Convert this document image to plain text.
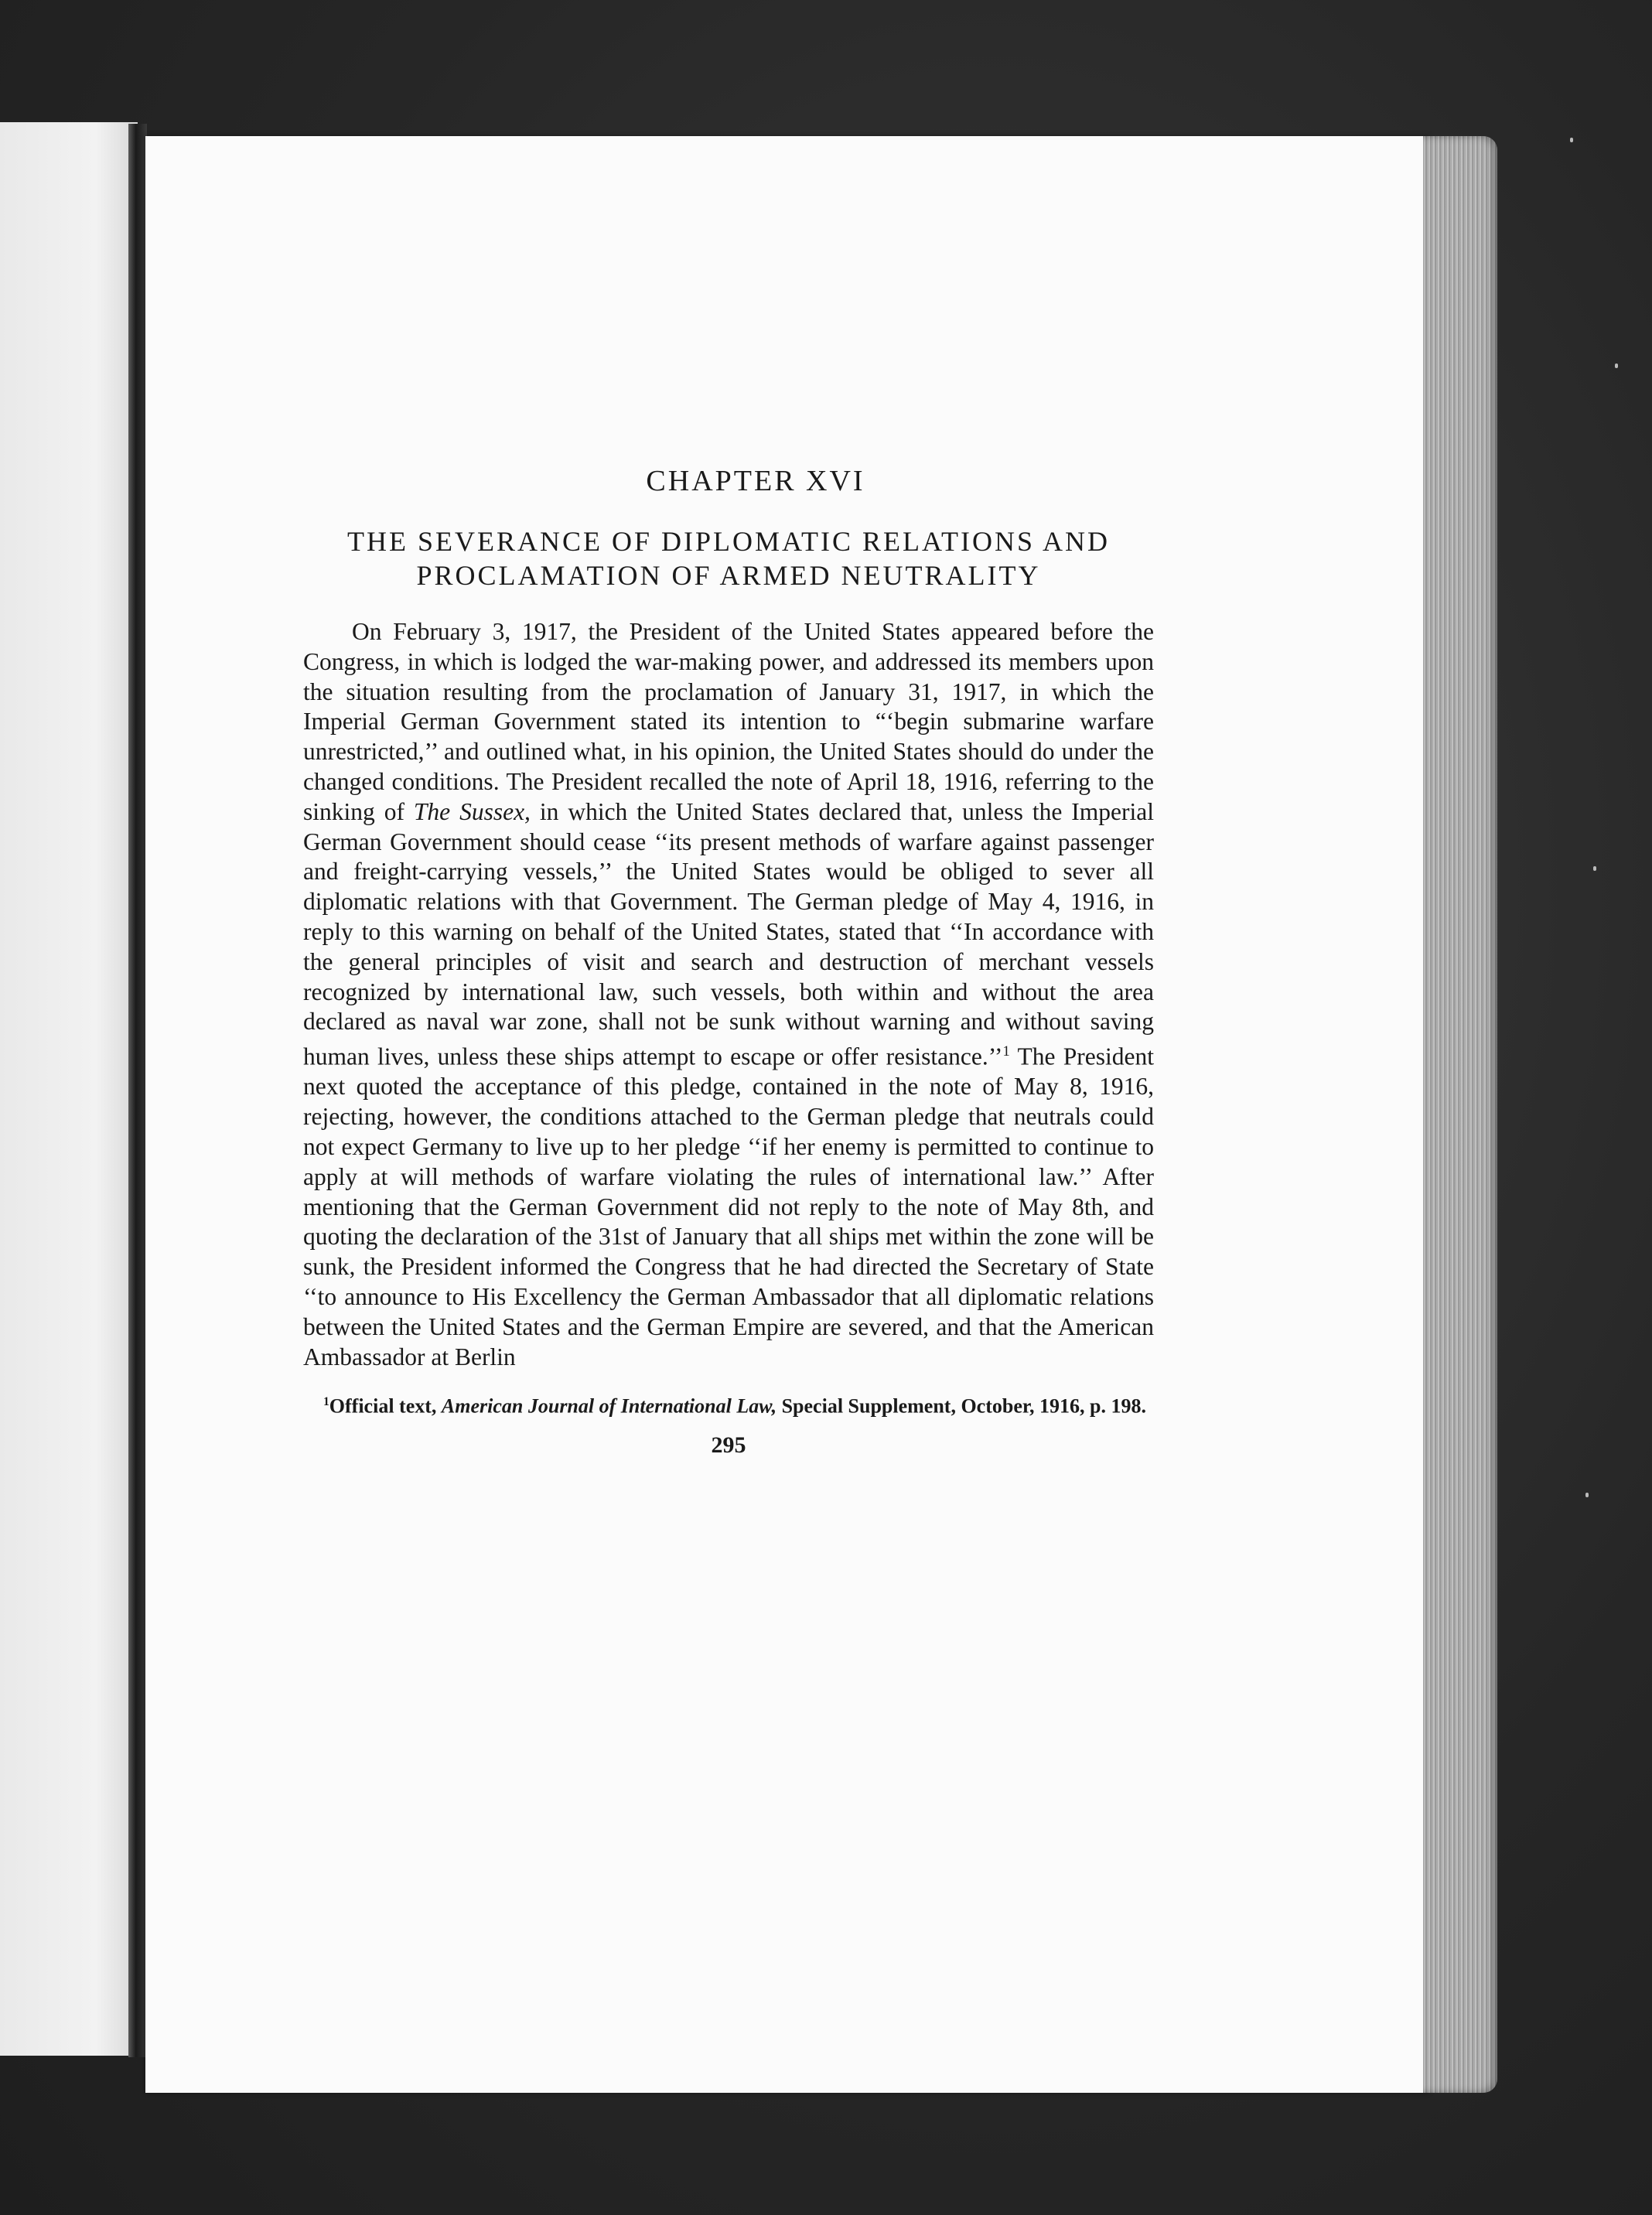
CHAPTER XVI
THE SEVERANCE OF DIPLOMATIC RELATIONS AND
PROCLAMATION OF ARMED NEUTRALITY

On February 3, 1917, the President of the United States appeared before the Congress, in which is lodged the war-making power, and addressed its members upon the situation resulting from the proclamation of January 31, 1917, in which the Imperial German Government stated its intention to “‘begin submarine warfare unrestricted,’’ and outlined what, in his opinion, the United States should do under the changed conditions. The President recalled the note of April 18, 1916, referring to the sinking of The Sussex, in which the United States declared that, unless the Imperial German Government should cease ‘‘its present methods of warfare against passenger and freight-carrying vessels,’’ the United States would be obliged to sever all diplomatic relations with that Government. The German pledge of May 4, 1916, in reply to this warning on behalf of the United States, stated that ‘‘In accordance with the general principles of visit and search and destruction of merchant vessels recognized by international law, such vessels, both within and without the area declared as naval war zone, shall not be sunk without warning and without saving human lives, unless these ships attempt to escape or offer resistance.’’$^1$ The President next quoted the acceptance of this pledge, contained in the note of May 8, 1916, rejecting, however, the conditions attached to the German pledge that neutrals could not expect Germany to live up to her pledge ‘‘if her enemy is permitted to continue to apply at will methods of warfare violating the rules of international law.’’ After mentioning that the German Government did not reply to the note of May 8th, and quoting the declaration of the 31st of January that all ships met within the zone will be sunk, the President informed the Congress that he had directed the Secretary of State ‘‘to announce to His Excellency the German Ambassador that all diplomatic relations between the United States and the German Empire are severed, and that the American Ambassador at Berlin

$^1$Official text, American Journal of International Law, Special Supplement, October, 1916, p. 198.

295
